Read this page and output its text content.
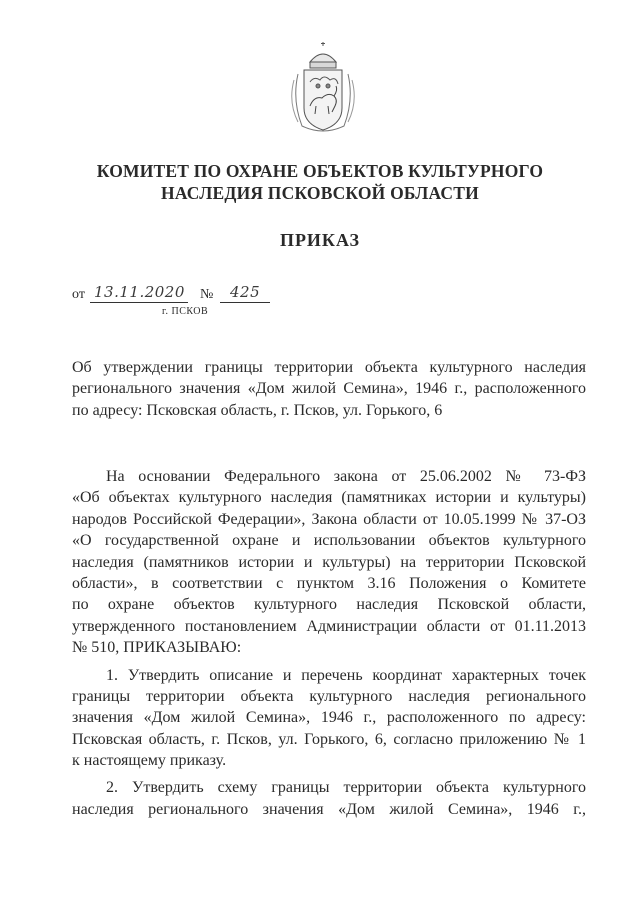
КОМИТЕТ ПО ОХРАНЕ ОБЪЕКТОВ КУЛЬТУРНОГО
НАСЛЕДИЯ ПСКОВСКОЙ ОБЛАСТИ
ПРИКАЗ
от 13.11.2020 № 425
г. ПСКОВ
Об утверждении границы территории объекта культурного наследия
регионального значения «Дом жилой Семина», 1946 г., расположенного
по адресу: Псковская область, г. Псков, ул. Горького, 6
На основании Федерального закона от 25.06.2002 № 73-ФЗ
«Об объектах культурного наследия (памятниках истории и культуры)
народов Российской Федерации», Закона области от 10.05.1999 № 37-ОЗ
«О государственной охране и использовании объектов культурного
наследия (памятников истории и культуры) на территории Псковской
области», в соответствии с пунктом 3.16 Положения о Комитете
по охране объектов культурного наследия Псковской области,
утвержденного постановлением Администрации области от 01.11.2013
№ 510, ПРИКАЗЫВАЮ:
1. Утвердить описание и перечень координат характерных точек
границы территории объекта культурного наследия регионального
значения «Дом жилой Семина», 1946 г., расположенного по адресу:
Псковская область, г. Псков, ул. Горького, 6, согласно приложению № 1
к настоящему приказу.
2. Утвердить схему границы территории объекта культурного
наследия регионального значения «Дом жилой Семина», 1946 г.,
